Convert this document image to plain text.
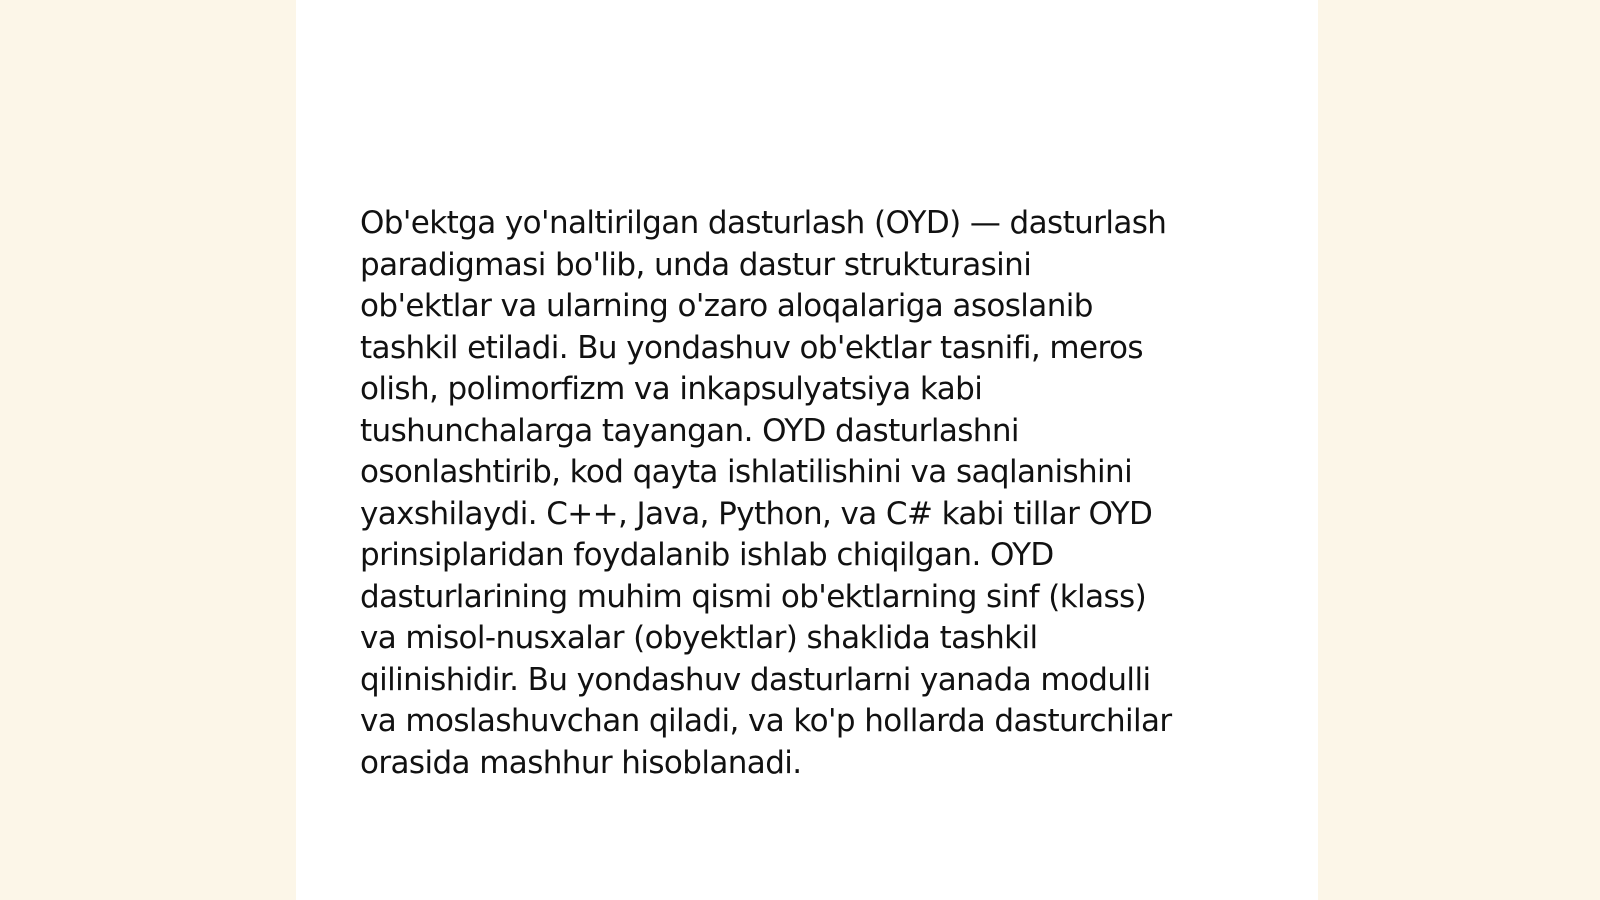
Ob'ektga yo'naltirilgan dasturlash (OYD) — dasturlash
paradigmasi bo'lib, unda dastur strukturasini
ob'ektlar va ularning o'zaro aloqalariga asoslanib
tashkil etiladi. Bu yondashuv ob'ektlar tasnifi, meros
olish, polimorfizm va inkapsulyatsiya kabi
tushunchalarga tayangan. OYD dasturlashni
osonlashtirib, kod qayta ishlatilishini va saqlanishini
yaxshilaydi. C++, Java, Python, va C# kabi tillar OYD
prinsiplaridan foydalanib ishlab chiqilgan. OYD
dasturlarining muhim qismi ob'ektlarning sinf (klass)
va misol-nusxalar (obyektlar) shaklida tashkil
qilinishidir. Bu yondashuv dasturlarni yanada modulli
va moslashuvchan qiladi, va ko'p hollarda dasturchilar
orasida mashhur hisoblanadi.
